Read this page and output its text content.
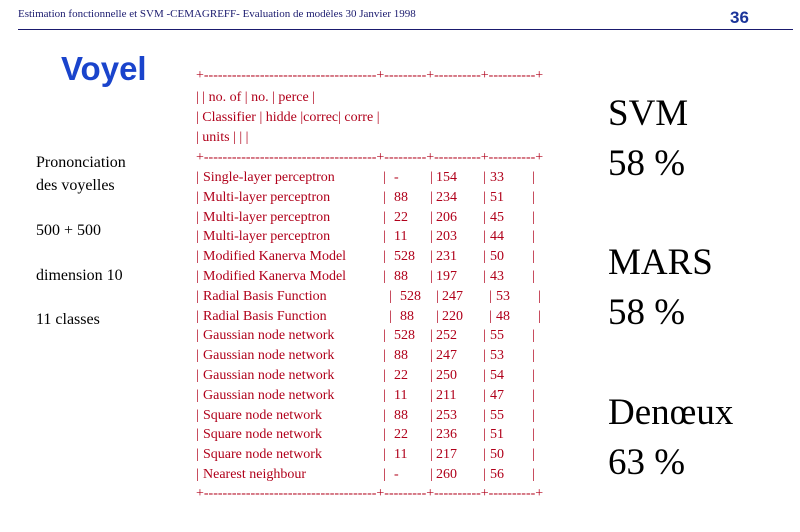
Estimation fonctionnelle et SVM -CEMAGREFF- Evaluation de modèles 30 Janvier 1998	36
Voyel
Prononciation
des voyelles
500 + 500
dimension 10
11 classes
+-------------------------------------+---------+----------+----------+
| | no. of | no. | perce |
| Classifier | hidde |correc| corre |
| units | | |
+-------------------------------------+---------+----------+----------+
+-------------------------------------+---------+----------+----------+
| Single-layer perceptron	| - | 154 | 33 |
| Multi-layer perceptron	| 88 | 234 | 51 |
| Multi-layer perceptron	| 22 | 206 | 45 |
| Multi-layer perceptron	| 11 | 203 | 44 |
| Modified Kanerva Model	| 528 | 231 | 50 |
| Modified Kanerva Model	| 88 | 197 | 43 |
| Radial Basis Function	| 528 | 247 | 53 |
| Radial Basis Function	| 88 | 220 | 48 |
| Gaussian node network	| 528 | 252 | 55 |
| Gaussian node network	| 88 | 247 | 53 |
| Gaussian node network	| 22 | 250 | 54 |
| Gaussian node network	| 11 | 211 | 47 |
| Square node network	| 88 | 253 | 55 |
| Square node network	| 22 | 236 | 51 |
| Square node network	| 11 | 217 | 50 |
| Nearest neighbour	| - | 260 | 56 |
SVM
58 %
MARS
58 %
Denœux
63 %
